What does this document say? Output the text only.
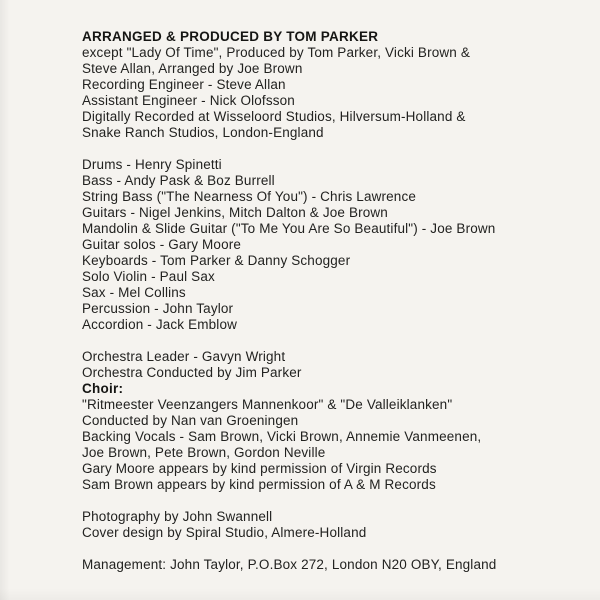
ARRANGED & PRODUCED BY TOM PARKER
except "Lady Of Time", Produced by Tom Parker, Vicki Brown &
Steve Allan, Arranged by Joe Brown
Recording Engineer - Steve Allan
Assistant Engineer - Nick Olofsson
Digitally Recorded at Wisseloord Studios, Hilversum-Holland &
Snake Ranch Studios, London-England
Drums - Henry Spinetti
Bass - Andy Pask & Boz Burrell
String Bass ("The Nearness Of You") - Chris Lawrence
Guitars - Nigel Jenkins, Mitch Dalton & Joe Brown
Mandolin & Slide Guitar ("To Me You Are So Beautiful") - Joe Brown
Guitar solos - Gary Moore
Keyboards - Tom Parker & Danny Schogger
Solo Violin - Paul Sax
Sax - Mel Collins
Percussion - John Taylor
Accordion - Jack Emblow
Orchestra Leader - Gavyn Wright
Orchestra Conducted by Jim Parker
Choir:
"Ritmeester Veenzangers Mannenkoor" & "De Valleiklanken"
Conducted by Nan van Groeningen
Backing Vocals - Sam Brown, Vicki Brown, Annemie Vanmeenen,
Joe Brown, Pete Brown, Gordon Neville
Gary Moore appears by kind permission of Virgin Records
Sam Brown appears by kind permission of A & M Records
Photography by John Swannell
Cover design by Spiral Studio, Almere-Holland
Management: John Taylor, P.O.Box 272, London N20 OBY, England
